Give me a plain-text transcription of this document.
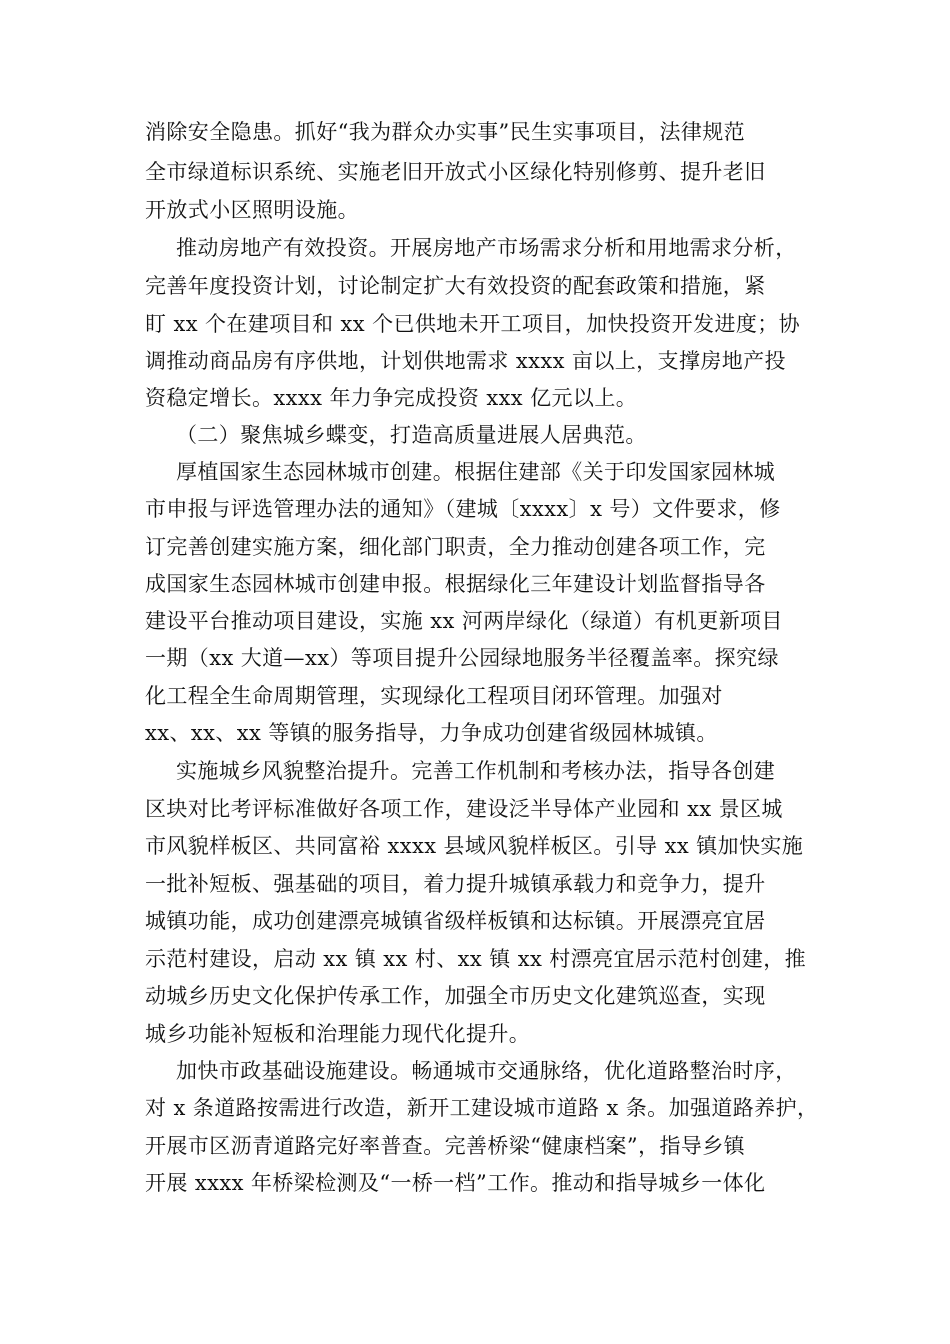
消除安全隐患。抓好“我为群众办实事”民生实事项目，法律规范
全市绿道标识系统、实施老旧开放式小区绿化特别修剪、提升老旧
开放式小区照明设施。
推动房地产有效投资。开展房地产市场需求分析和用地需求分析，
完善年度投资计划，讨论制定扩大有效投资的配套政策和措施，紧
盯 xx 个在建项目和 xx 个已供地未开工项目，加快投资开发进度；协
调推动商品房有序供地，计划供地需求 xxxx 亩以上，支撑房地产投
资稳定增长。xxxx 年力争完成投资 xxx 亿元以上。
（二）聚焦城乡蝶变，打造高质量进展人居典范。
厚植国家生态园林城市创建。根据住建部《关于印发国家园林城
市申报与评选管理办法的通知》（建城〔xxxx〕x 号）文件要求，修
订完善创建实施方案，细化部门职责，全力推动创建各项工作，完
成国家生态园林城市创建申报。根据绿化三年建设计划监督指导各
建设平台推动项目建设，实施 xx 河两岸绿化（绿道）有机更新项目
一期（xx 大道—xx）等项目提升公园绿地服务半径覆盖率。探究绿
化工程全生命周期管理，实现绿化工程项目闭环管理。加强对
xx、xx、xx 等镇的服务指导，力争成功创建省级园林城镇。
实施城乡风貌整治提升。完善工作机制和考核办法，指导各创建
区块对比考评标准做好各项工作，建设泛半导体产业园和 xx 景区城
市风貌样板区、共同富裕 xxxx 县域风貌样板区。引导 xx 镇加快实施
一批补短板、强基础的项目，着力提升城镇承载力和竞争力，提升
城镇功能，成功创建漂亮城镇省级样板镇和达标镇。开展漂亮宜居
示范村建设，启动 xx 镇 xx 村、xx 镇 xx 村漂亮宜居示范村创建，推
动城乡历史文化保护传承工作，加强全市历史文化建筑巡查，实现
城乡功能补短板和治理能力现代化提升。
加快市政基础设施建设。畅通城市交通脉络，优化道路整治时序，
对 x 条道路按需进行改造，新开工建设城市道路 x 条。加强道路养护，
开展市区沥青道路完好率普查。完善桥梁“健康档案”，指导乡镇
开展 xxxx 年桥梁检测及“一桥一档”工作。推动和指导城乡一体化
